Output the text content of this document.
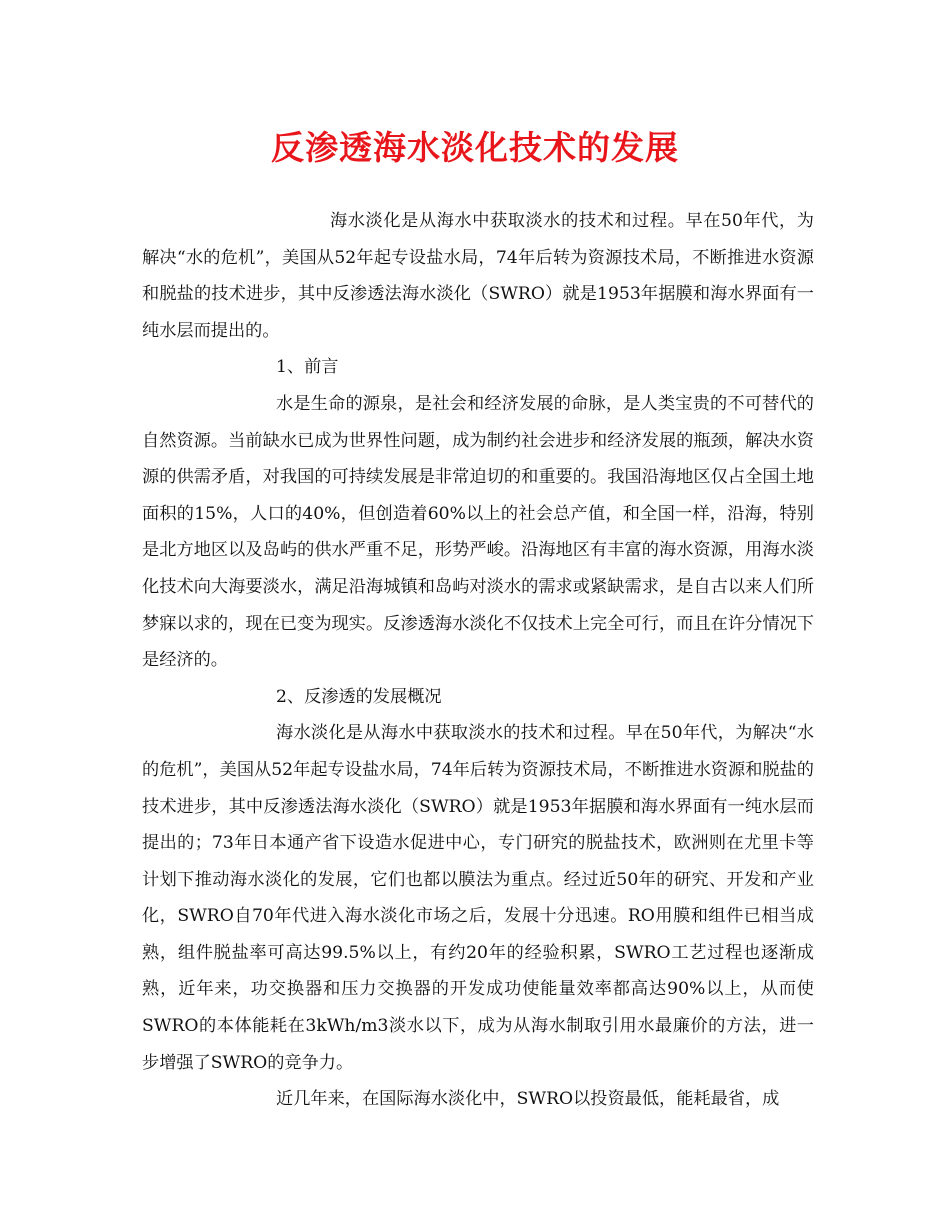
反渗透海水淡化技术的发展

海水淡化是从海水中获取淡水的技术和过程。早在50年代，为解决“水的危机”，美国从52年起专设盐水局，74年后转为资源技术局，不断推进水资源和脱盐的技术进步，其中反渗透法海水淡化（SWRO）就是1953年据膜和海水界面有一纯水层而提出的。

1、前言

水是生命的源泉，是社会和经济发展的命脉，是人类宝贵的不可替代的自然资源。当前缺水已成为世界性问题，成为制约社会进步和经济发展的瓶颈，解决水资源的供需矛盾，对我国的可持续发展是非常迫切的和重要的。我国沿海地区仅占全国土地面积的15%，人口的40%，但创造着60%以上的社会总产值，和全国一样，沿海，特别是北方地区以及岛屿的供水严重不足，形势严峻。沿海地区有丰富的海水资源，用海水淡化技术向大海要淡水，满足沿海城镇和岛屿对淡水的需求或紧缺需求，是自古以来人们所梦寐以求的，现在已变为现实。反渗透海水淡化不仅技术上完全可行，而且在许分情况下是经济的。

2、反渗透的发展概况

海水淡化是从海水中获取淡水的技术和过程。早在50年代，为解决“水的危机”，美国从52年起专设盐水局，74年后转为资源技术局，不断推进水资源和脱盐的技术进步，其中反渗透法海水淡化（SWRO）就是1953年据膜和海水界面有一纯水层而提出的；73年日本通产省下设造水促进中心，专门研究的脱盐技术，欧洲则在尤里卡等计划下推动海水淡化的发展，它们也都以膜法为重点。经过近50年的研究、开发和产业化，SWRO自70年代进入海水淡化市场之后，发展十分迅速。RO用膜和组件已相当成熟，组件脱盐率可高达99.5%以上，有约20年的经验积累，SWRO工艺过程也逐渐成熟，近年来，功交换器和压力交换器的开发成功使能量效率都高达90%以上，从而使SWRO的本体能耗在3kWh/m3淡水以下，成为从海水制取引用水最廉价的方法，进一步增强了SWRO的竞争力。

近几年来，在国际海水淡化中，SWRO以投资最低，能耗最省，成
